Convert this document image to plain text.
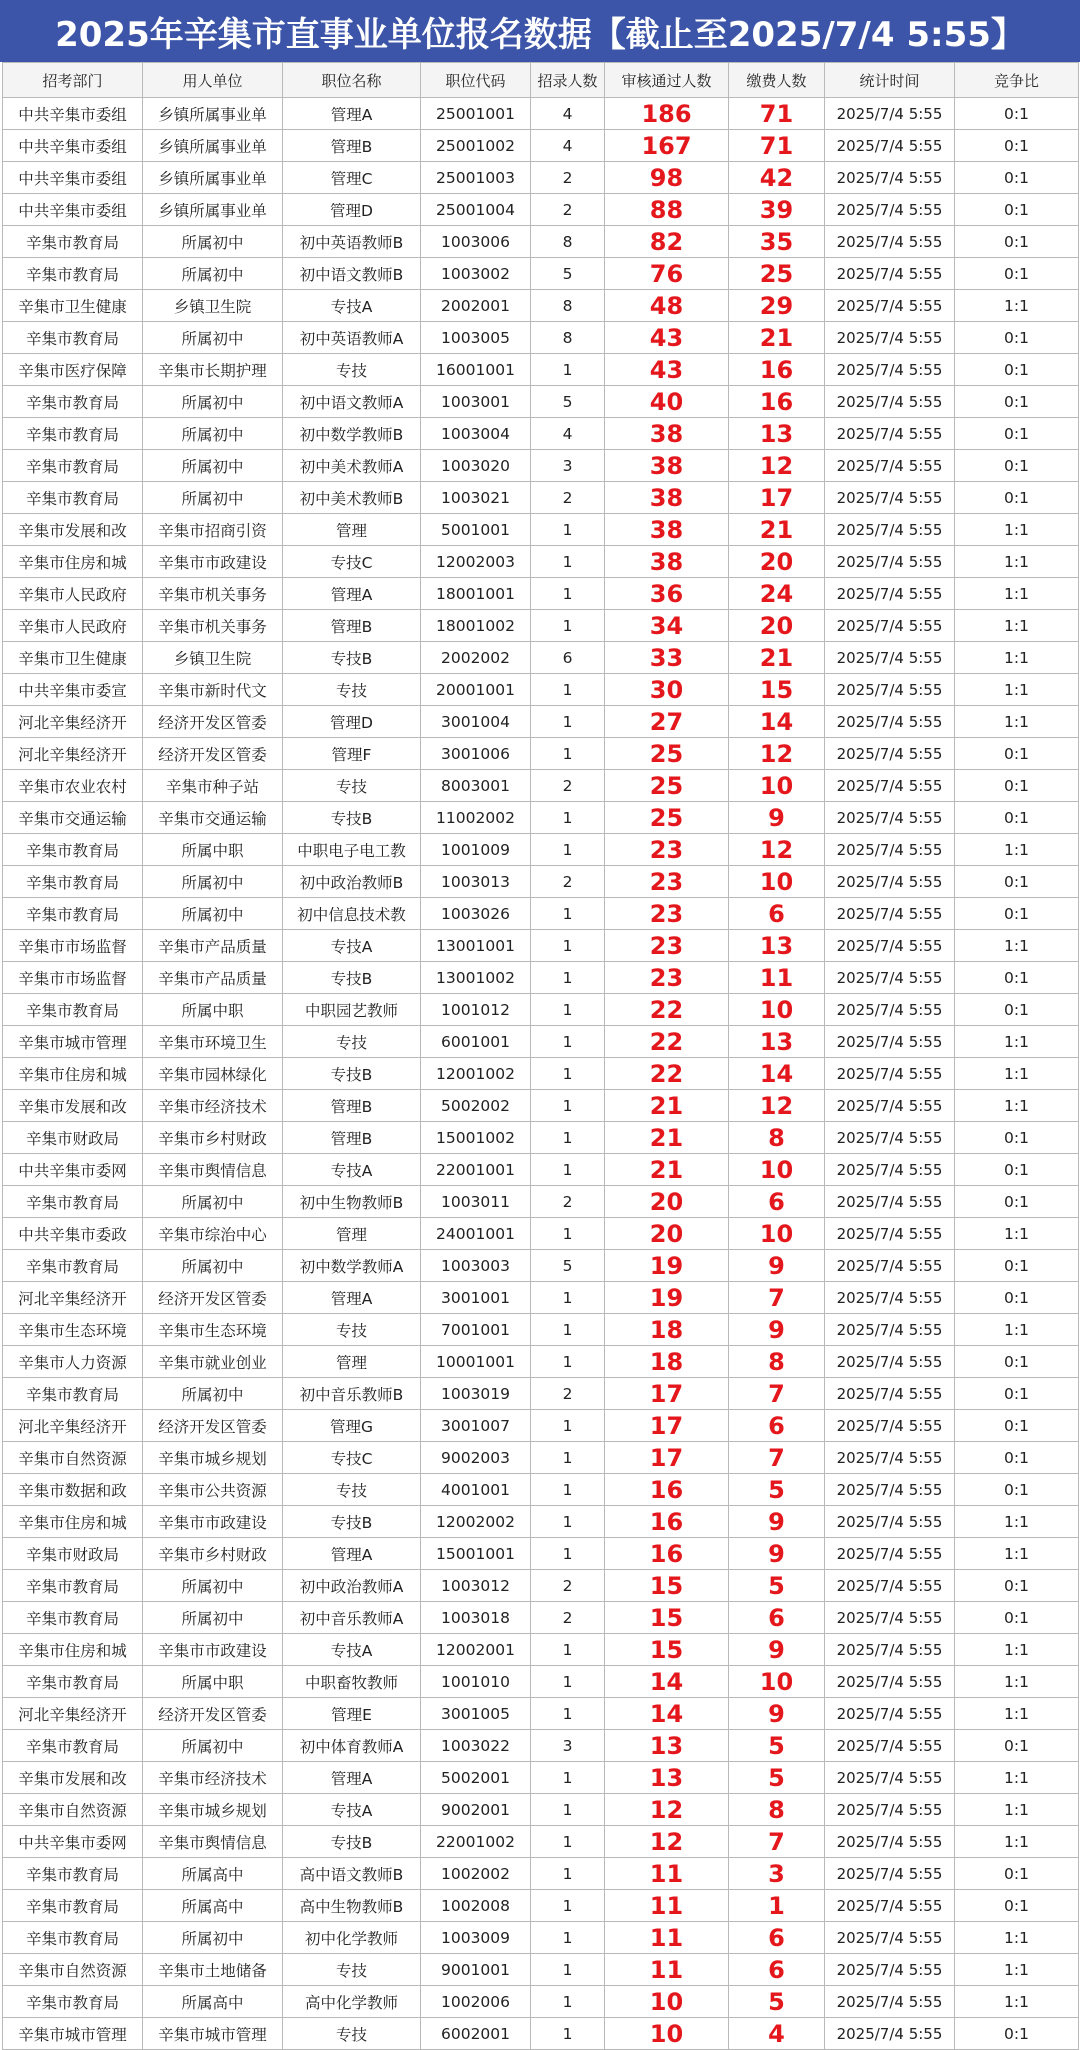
2025年辛集市直事业单位报名数据【截止至2025/7/4 5:55】
招考部门	用人单位	职位名称	职位代码	招录人数	审核通过人数	缴费人数	统计时间	竞争比
中共辛集市委组	乡镇所属事业单	管理A	25001001	4	186	71	2025/7/4 5:55	0:1
中共辛集市委组	乡镇所属事业单	管理B	25001002	4	167	71	2025/7/4 5:55	0:1
中共辛集市委组	乡镇所属事业单	管理C	25001003	2	98	42	2025/7/4 5:55	0:1
中共辛集市委组	乡镇所属事业单	管理D	25001004	2	88	39	2025/7/4 5:55	0:1
辛集市教育局	所属初中	初中英语教师B	1003006	8	82	35	2025/7/4 5:55	0:1
辛集市教育局	所属初中	初中语文教师B	1003002	5	76	25	2025/7/4 5:55	0:1
辛集市卫生健康	乡镇卫生院	专技A	2002001	8	48	29	2025/7/4 5:55	1:1
辛集市教育局	所属初中	初中英语教师A	1003005	8	43	21	2025/7/4 5:55	0:1
辛集市医疗保障	辛集市长期护理	专技	16001001	1	43	16	2025/7/4 5:55	0:1
辛集市教育局	所属初中	初中语文教师A	1003001	5	40	16	2025/7/4 5:55	0:1
辛集市教育局	所属初中	初中数学教师B	1003004	4	38	13	2025/7/4 5:55	0:1
辛集市教育局	所属初中	初中美术教师A	1003020	3	38	12	2025/7/4 5:55	0:1
辛集市教育局	所属初中	初中美术教师B	1003021	2	38	17	2025/7/4 5:55	0:1
辛集市发展和改	辛集市招商引资	管理	5001001	1	38	21	2025/7/4 5:55	1:1
辛集市住房和城	辛集市市政建设	专技C	12002003	1	38	20	2025/7/4 5:55	1:1
辛集市人民政府	辛集市机关事务	管理A	18001001	1	36	24	2025/7/4 5:55	1:1
辛集市人民政府	辛集市机关事务	管理B	18001002	1	34	20	2025/7/4 5:55	1:1
辛集市卫生健康	乡镇卫生院	专技B	2002002	6	33	21	2025/7/4 5:55	1:1
中共辛集市委宣	辛集市新时代文	专技	20001001	1	30	15	2025/7/4 5:55	1:1
河北辛集经济开	经济开发区管委	管理D	3001004	1	27	14	2025/7/4 5:55	1:1
河北辛集经济开	经济开发区管委	管理F	3001006	1	25	12	2025/7/4 5:55	0:1
辛集市农业农村	辛集市种子站	专技	8003001	2	25	10	2025/7/4 5:55	0:1
辛集市交通运输	辛集市交通运输	专技B	11002002	1	25	9	2025/7/4 5:55	0:1
辛集市教育局	所属中职	中职电子电工教	1001009	1	23	12	2025/7/4 5:55	1:1
辛集市教育局	所属初中	初中政治教师B	1003013	2	23	10	2025/7/4 5:55	0:1
辛集市教育局	所属初中	初中信息技术教	1003026	1	23	6	2025/7/4 5:55	0:1
辛集市市场监督	辛集市产品质量	专技A	13001001	1	23	13	2025/7/4 5:55	1:1
辛集市市场监督	辛集市产品质量	专技B	13001002	1	23	11	2025/7/4 5:55	0:1
辛集市教育局	所属中职	中职园艺教师	1001012	1	22	10	2025/7/4 5:55	0:1
辛集市城市管理	辛集市环境卫生	专技	6001001	1	22	13	2025/7/4 5:55	1:1
辛集市住房和城	辛集市园林绿化	专技B	12001002	1	22	14	2025/7/4 5:55	1:1
辛集市发展和改	辛集市经济技术	管理B	5002002	1	21	12	2025/7/4 5:55	1:1
辛集市财政局	辛集市乡村财政	管理B	15001002	1	21	8	2025/7/4 5:55	0:1
中共辛集市委网	辛集市舆情信息	专技A	22001001	1	21	10	2025/7/4 5:55	0:1
辛集市教育局	所属初中	初中生物教师B	1003011	2	20	6	2025/7/4 5:55	0:1
中共辛集市委政	辛集市综治中心	管理	24001001	1	20	10	2025/7/4 5:55	1:1
辛集市教育局	所属初中	初中数学教师A	1003003	5	19	9	2025/7/4 5:55	0:1
河北辛集经济开	经济开发区管委	管理A	3001001	1	19	7	2025/7/4 5:55	0:1
辛集市生态环境	辛集市生态环境	专技	7001001	1	18	9	2025/7/4 5:55	1:1
辛集市人力资源	辛集市就业创业	管理	10001001	1	18	8	2025/7/4 5:55	0:1
辛集市教育局	所属初中	初中音乐教师B	1003019	2	17	7	2025/7/4 5:55	0:1
河北辛集经济开	经济开发区管委	管理G	3001007	1	17	6	2025/7/4 5:55	0:1
辛集市自然资源	辛集市城乡规划	专技C	9002003	1	17	7	2025/7/4 5:55	0:1
辛集市数据和政	辛集市公共资源	专技	4001001	1	16	5	2025/7/4 5:55	0:1
辛集市住房和城	辛集市市政建设	专技B	12002002	1	16	9	2025/7/4 5:55	1:1
辛集市财政局	辛集市乡村财政	管理A	15001001	1	16	9	2025/7/4 5:55	1:1
辛集市教育局	所属初中	初中政治教师A	1003012	2	15	5	2025/7/4 5:55	0:1
辛集市教育局	所属初中	初中音乐教师A	1003018	2	15	6	2025/7/4 5:55	0:1
辛集市住房和城	辛集市市政建设	专技A	12002001	1	15	9	2025/7/4 5:55	1:1
辛集市教育局	所属中职	中职畜牧教师	1001010	1	14	10	2025/7/4 5:55	1:1
河北辛集经济开	经济开发区管委	管理E	3001005	1	14	9	2025/7/4 5:55	1:1
辛集市教育局	所属初中	初中体育教师A	1003022	3	13	5	2025/7/4 5:55	0:1
辛集市发展和改	辛集市经济技术	管理A	5002001	1	13	5	2025/7/4 5:55	1:1
辛集市自然资源	辛集市城乡规划	专技A	9002001	1	12	8	2025/7/4 5:55	1:1
中共辛集市委网	辛集市舆情信息	专技B	22001002	1	12	7	2025/7/4 5:55	1:1
辛集市教育局	所属高中	高中语文教师B	1002002	1	11	3	2025/7/4 5:55	0:1
辛集市教育局	所属高中	高中生物教师B	1002008	1	11	1	2025/7/4 5:55	0:1
辛集市教育局	所属初中	初中化学教师	1003009	1	11	6	2025/7/4 5:55	1:1
辛集市自然资源	辛集市土地储备	专技	9001001	1	11	6	2025/7/4 5:55	1:1
辛集市教育局	所属高中	高中化学教师	1002006	1	10	5	2025/7/4 5:55	1:1
辛集市城市管理	辛集市城市管理	专技	6002001	1	10	4	2025/7/4 5:55	0:1
